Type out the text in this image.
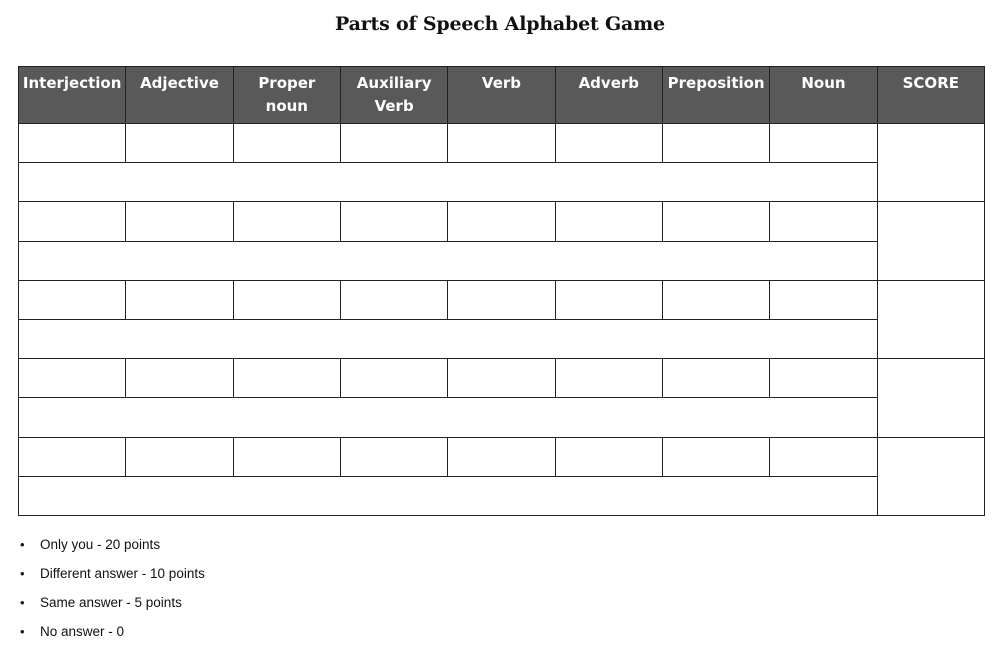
Parts of Speech Alphabet Game
Interjection	Adjective	Proper noun	Auxiliary Verb	Verb	Adverb	Preposition	Noun	SCORE

• Only you - 20 points
• Different answer - 10 points
• Same answer - 5 points
• No answer - 0
